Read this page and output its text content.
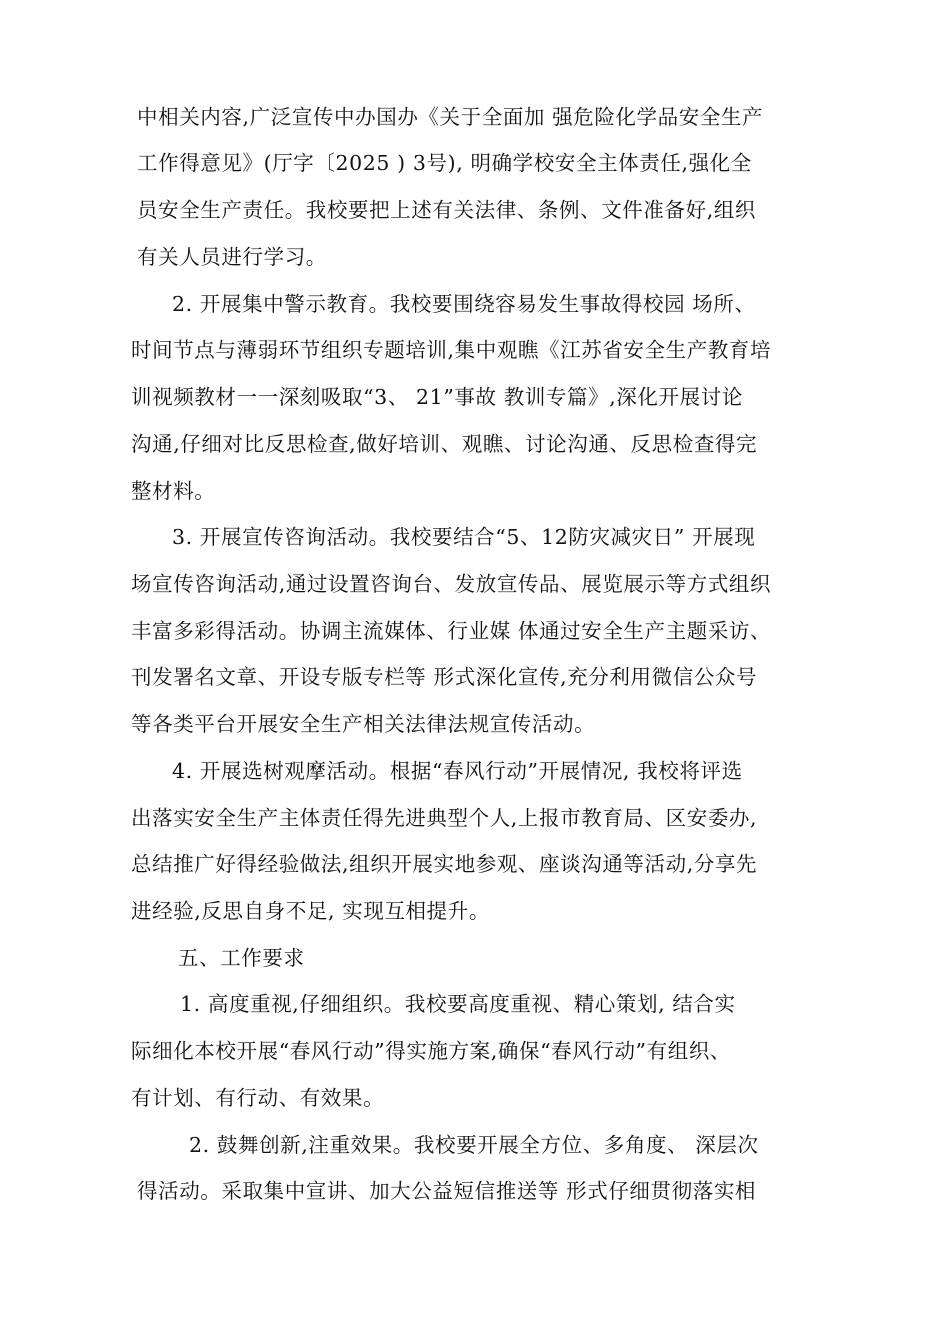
中相关内容,广泛宣传中办国办《关于全面加 强危险化学品安全生产
工作得意见》(厅字〔2025 ) 3号), 明确学校安全主体责任,强化全
员安全生产责任。我校要把上述有关法律、条例、文件准备好,组织
有关人员进行学习。
2. 开展集中警示教育。我校要围绕容易发生事故得校园 场所、
时间节点与薄弱环节组织专题培训,集中观瞧《江苏省安全生产教育培
训视频教材一一深刻吸取“3、 21”事故 教训专篇》,深化开展讨论
沟通,仔细对比反思检查,做好培训、观瞧、讨论沟通、反思检查得完
整材料。
3. 开展宣传咨询活动。我校要结合“5、12防灾减灾日” 开展现
场宣传咨询活动,通过设置咨询台、发放宣传品、展览展示等方式组织
丰富多彩得活动。协调主流媒体、行业媒 体通过安全生产主题采访、
刊发署名文章、开设专版专栏等 形式深化宣传,充分利用微信公众号
等各类平台开展安全生产相关法律法规宣传活动。
4. 开展选树观摩活动。根据“春风行动”开展情况, 我校将评选
出落实安全生产主体责任得先进典型个人,上报市教育局、区安委办,
总结推广好得经验做法,组织开展实地参观、座谈沟通等活动,分享先
进经验,反思自身不足, 实现互相提升。
五、工作要求
1. 高度重视,仔细组织。我校要高度重视、精心策划, 结合实
际细化本校开展“春风行动”得实施方案,确保“春风行动”有组织、
有计划、有行动、有效果。
2. 鼓舞创新,注重效果。我校要开展全方位、多角度、 深层次
得活动。采取集中宣讲、加大公益短信推送等 形式仔细贯彻落实相
